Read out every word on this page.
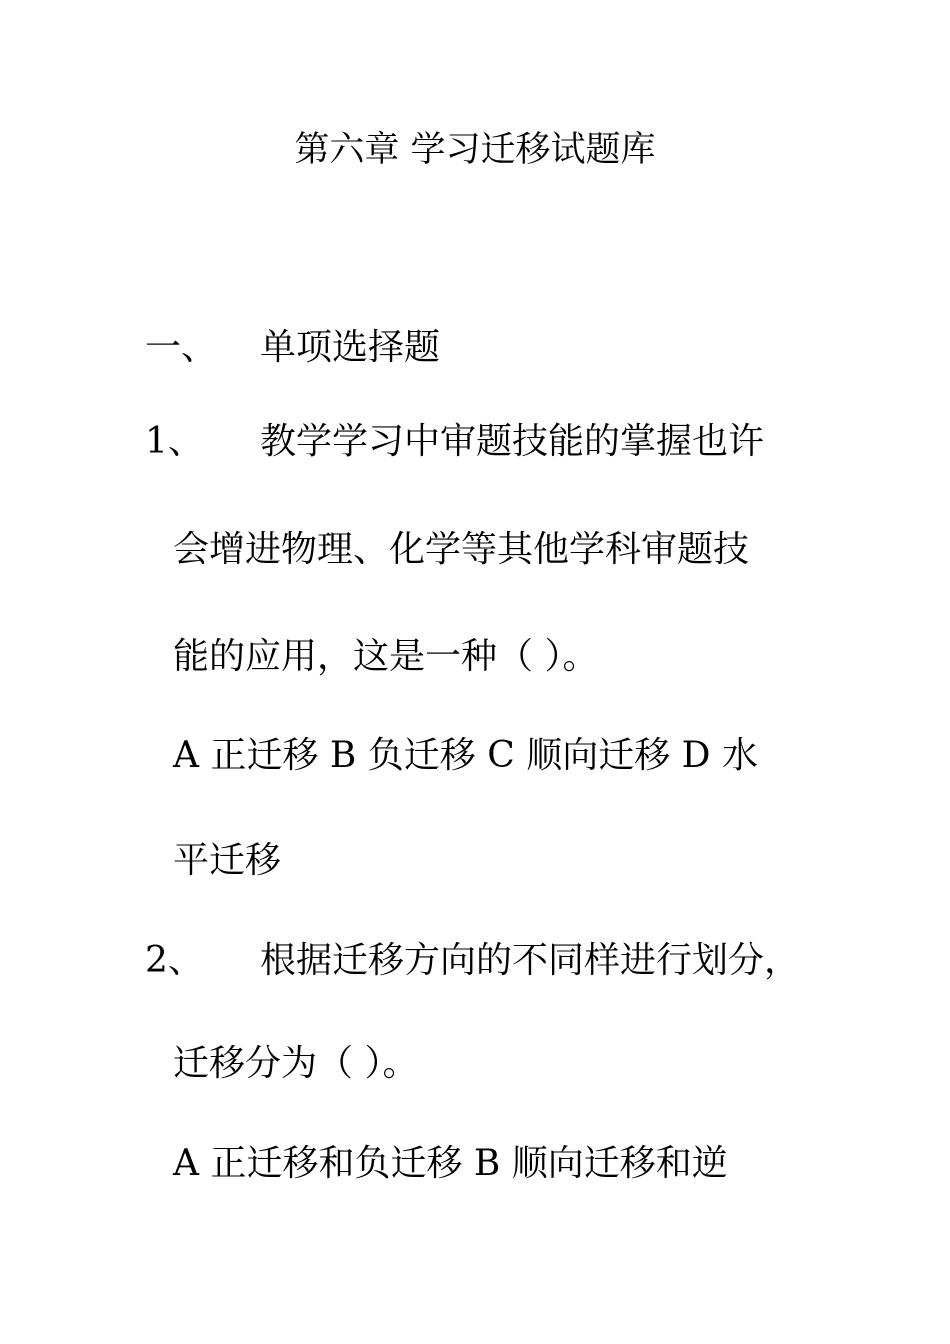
第六章 学习迁移试题库
一、 单项选择题
1、 教学学习中审题技能的掌握也许
会增进物理、化学等其他学科审题技
能的应用，这是一种（ ）。
A 正迁移 B 负迁移 C 顺向迁移 D 水
平迁移
2、 根据迁移方向的不同样进行划分，
迁移分为（ ）。
A 正迁移和负迁移 B 顺向迁移和逆
